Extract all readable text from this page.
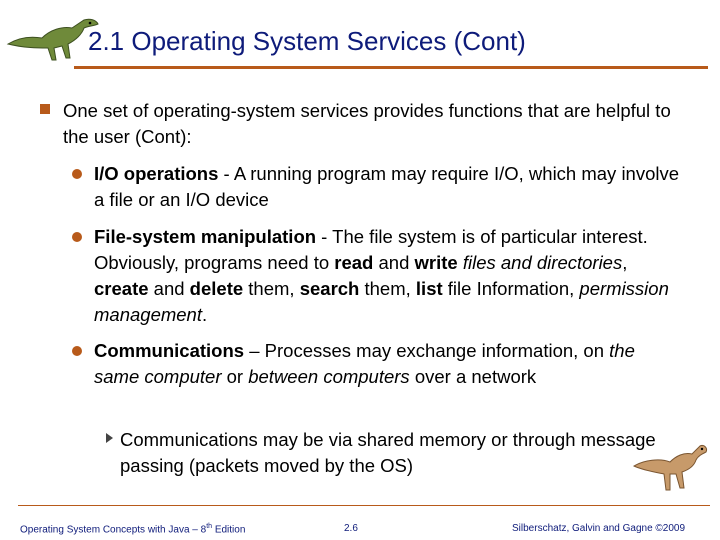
2.1 Operating System Services (Cont)

One set of operating-system services provides functions that are helpful to the user (Cont):

I/O operations - A running program may require I/O, which may involve a file or an I/O device

File-system manipulation - The file system is of particular interest. Obviously, programs need to read and write files and directories, create and delete them, search them, list file Information, permission management.

Communications – Processes may exchange information, on the same computer or between computers over a network

Communications may be via shared memory or through message passing (packets moved by the OS)

Operating System Concepts with Java – 8th Edition	2.6	Silberschatz, Galvin and Gagne ©2009
